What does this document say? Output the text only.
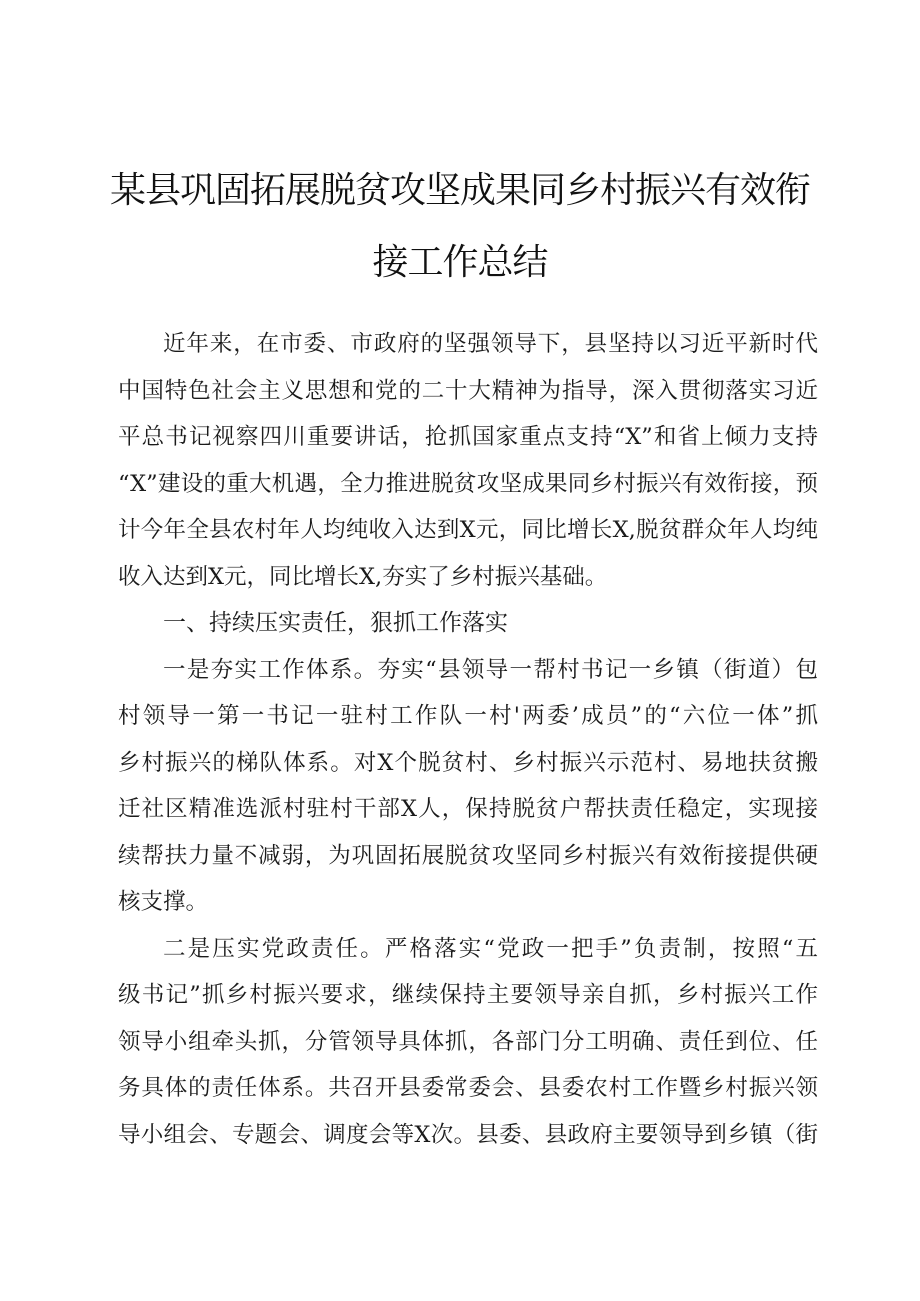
某县巩固拓展脱贫攻坚成果同乡村振兴有效衔
接工作总结

近年来，在市委、市政府的坚强领导下，县坚持以习近平新时代

中国特色社会主义思想和党的二十大精神为指导，深入贯彻落实习近

平总书记视察四川重要讲话，抢抓国家重点支持“X”和省上倾力支持

“X”建设的重大机遇，全力推进脱贫攻坚成果同乡村振兴有效衔接，预

计今年全县农村年人均纯收入达到X元，同比增长X,脱贫群众年人均纯

收入达到X元，同比增长X,夯实了乡村振兴基础。

一、持续压实责任，狠抓工作落实

一是夯实工作体系。夯实“县领导一帮村书记一乡镇（街道）包

村领导一第一书记一驻村工作队一村'两委’成员”的“六位一体”抓

乡村振兴的梯队体系。对X个脱贫村、乡村振兴示范村、易地扶贫搬

迁社区精准选派村驻村干部X人，保持脱贫户帮扶责任稳定，实现接

续帮扶力量不减弱，为巩固拓展脱贫攻坚同乡村振兴有效衔接提供硬

核支撑。

二是压实党政责任。严格落实“党政一把手”负责制，按照“五

级书记”抓乡村振兴要求，继续保持主要领导亲自抓，乡村振兴工作

领导小组牵头抓，分管领导具体抓，各部门分工明确、责任到位、任

务具体的责任体系。共召开县委常委会、县委农村工作暨乡村振兴领

导小组会、专题会、调度会等X次。县委、县政府主要领导到乡镇（街
